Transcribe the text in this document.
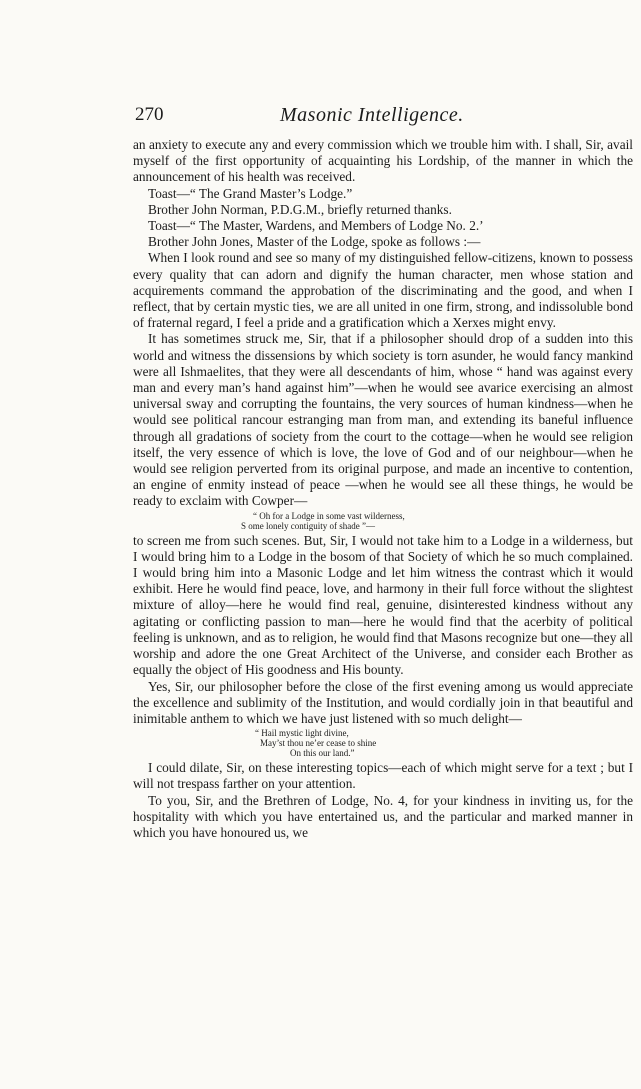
270	Masonic Intelligence.

an anxiety to execute any and every commission which we trouble him with. I shall, Sir, avail myself of the first opportunity of acquainting his Lordship, of the manner in which the announcement of his health was received.

Toast—“ The Grand Master’s Lodge.”

Brother John Norman, P.D.G.M., briefly returned thanks.

Toast—“ The Master, Wardens, and Members of Lodge No. 2.’

Brother John Jones, Master of the Lodge, spoke as follows :—

When I look round and see so many of my distinguished fellow-citizens, known to possess every quality that can adorn and dignify the human character, men whose station and acquirements command the approbation of the discriminating and the good, and when I reflect, that by certain mystic ties, we are all united in one firm, strong, and indissoluble bond of fraternal regard, I feel a pride and a gratification which a Xerxes might envy.

It has sometimes struck me, Sir, that if a philosopher should drop of a sudden into this world and witness the dissensions by which society is torn asunder, he would fancy mankind were all Ishmaelites, that they were all descendants of him, whose “ hand was against every man and every man’s hand against him”—when he would see avarice exercising an almost universal sway and corrupting the fountains, the very sources of human kindness—when he would see political rancour estranging man from man, and extending its baneful influence through all gradations of society from the court to the cottage—when he would see religion itself, the very essence of which is love, the love of God and of our neighbour—when he would see religion perverted from its original purpose, and made an incentive to contention, an engine of enmity instead of peace —when he would see all these things, he would be ready to exclaim with Cowper—

“ Oh for a Lodge in some vast wilderness,
S ome lonely contiguity of shade ”—

to screen me from such scenes. But, Sir, I would not take him to a Lodge in a wilderness, but I would bring him to a Lodge in the bosom of that Society of which he so much complained. I would bring him into a Masonic Lodge and let him witness the contrast which it would exhibit. Here he would find peace, love, and harmony in their full force without the slightest mixture of alloy—here he would find real, genuine, disinterested kindness without any agitating or conflicting passion to man—here he would find that the acerbity of political feeling is unknown, and as to religion, he would find that Masons recognize but one—they all worship and adore the one Great Architect of the Universe, and consider each Brother as equally the object of His goodness and His bounty.

Yes, Sir, our philosopher before the close of the first evening among us would appreciate the excellence and sublimity of the Institution, and would cordially join in that beautiful and inimitable anthem to which we have just listened with so much delight—

“ Hail mystic light divine,
May’st thou ne’er cease to shine
On this our land.”

I could dilate, Sir, on these interesting topics—each of which might serve for a text ; but I will not trespass farther on your attention.

To you, Sir, and the Brethren of Lodge, No. 4, for your kindness in inviting us, for the hospitality with which you have entertained us, and the particular and marked manner in which you have honoured us, we
